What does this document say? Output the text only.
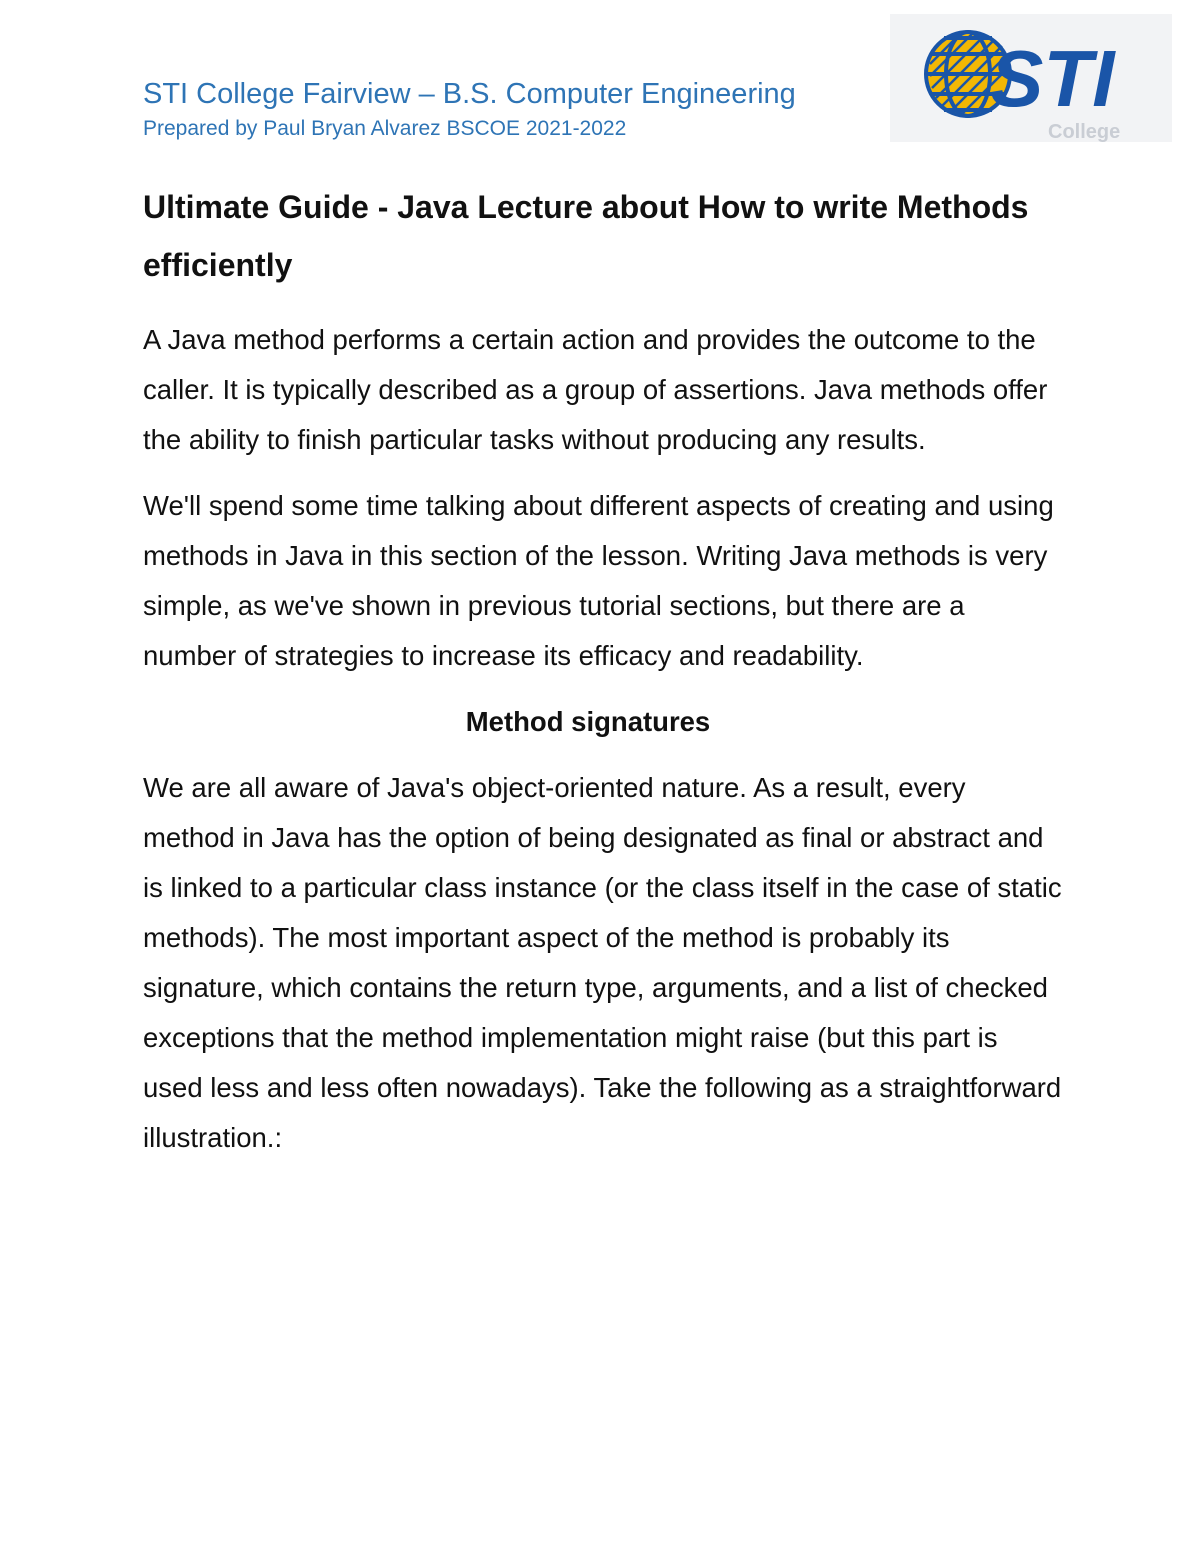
STI College Fairview – B.S. Computer Engineering
Prepared by Paul Bryan Alvarez BSCOE 2021-2022
STI
College
Ultimate Guide - Java Lecture about How to write Methods efficiently

A Java method performs a certain action and provides the outcome to the caller. It is typically described as a group of assertions. Java methods offer the ability to finish particular tasks without producing any results.

We'll spend some time talking about different aspects of creating and using methods in Java in this section of the lesson. Writing Java methods is very simple, as we've shown in previous tutorial sections, but there are a number of strategies to increase its efficacy and readability.

Method signatures

We are all aware of Java's object-oriented nature. As a result, every method in Java has the option of being designated as final or abstract and is linked to a particular class instance (or the class itself in the case of static methods). The most important aspect of the method is probably its signature, which contains the return type, arguments, and a list of checked exceptions that the method implementation might raise (but this part is used less and less often nowadays). Take the following as a straightforward illustration.:
